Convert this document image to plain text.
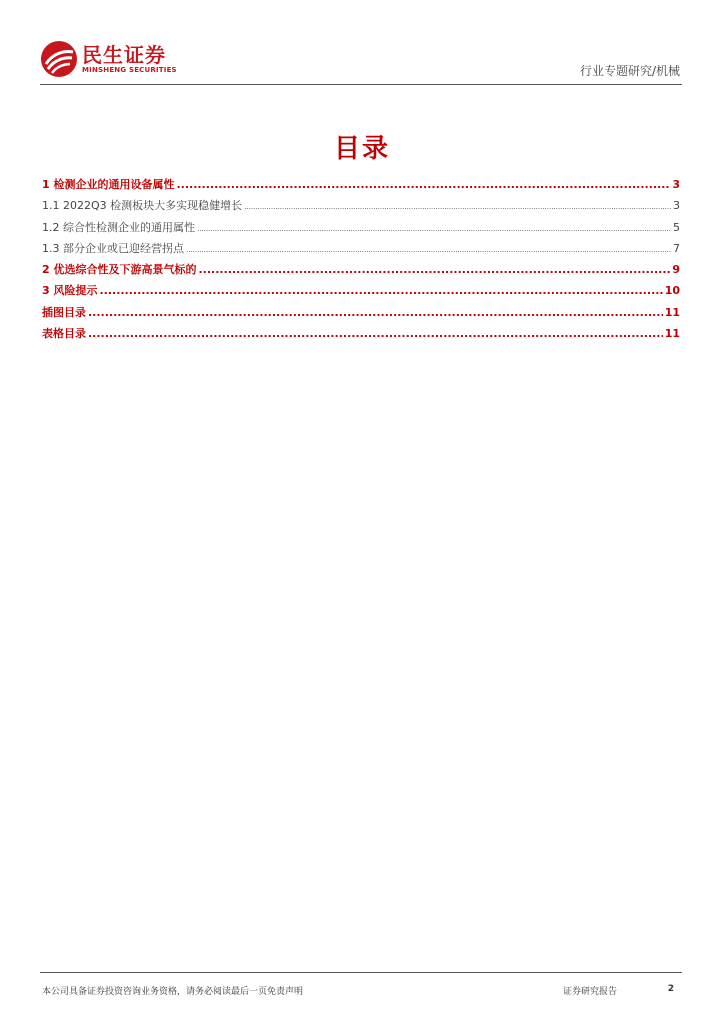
民生证券
MINSHENG SECURITIES	行业专题研究/机械
目录
1 检测企业的通用设备属性 .....	3
1.1 2022Q3 检测板块大多实现稳健增长 .....	3
1.2 综合性检测企业的通用属性 .....	5
1.3 部分企业或已迎经营拐点 .....	7
2 优选综合性及下游高景气标的 .....	9
3 风险提示 .....	10
插图目录 .....	11
表格目录 .....	11
本公司具备证券投资咨询业务资格，请务必阅读最后一页免责声明	证券研究报告	2
